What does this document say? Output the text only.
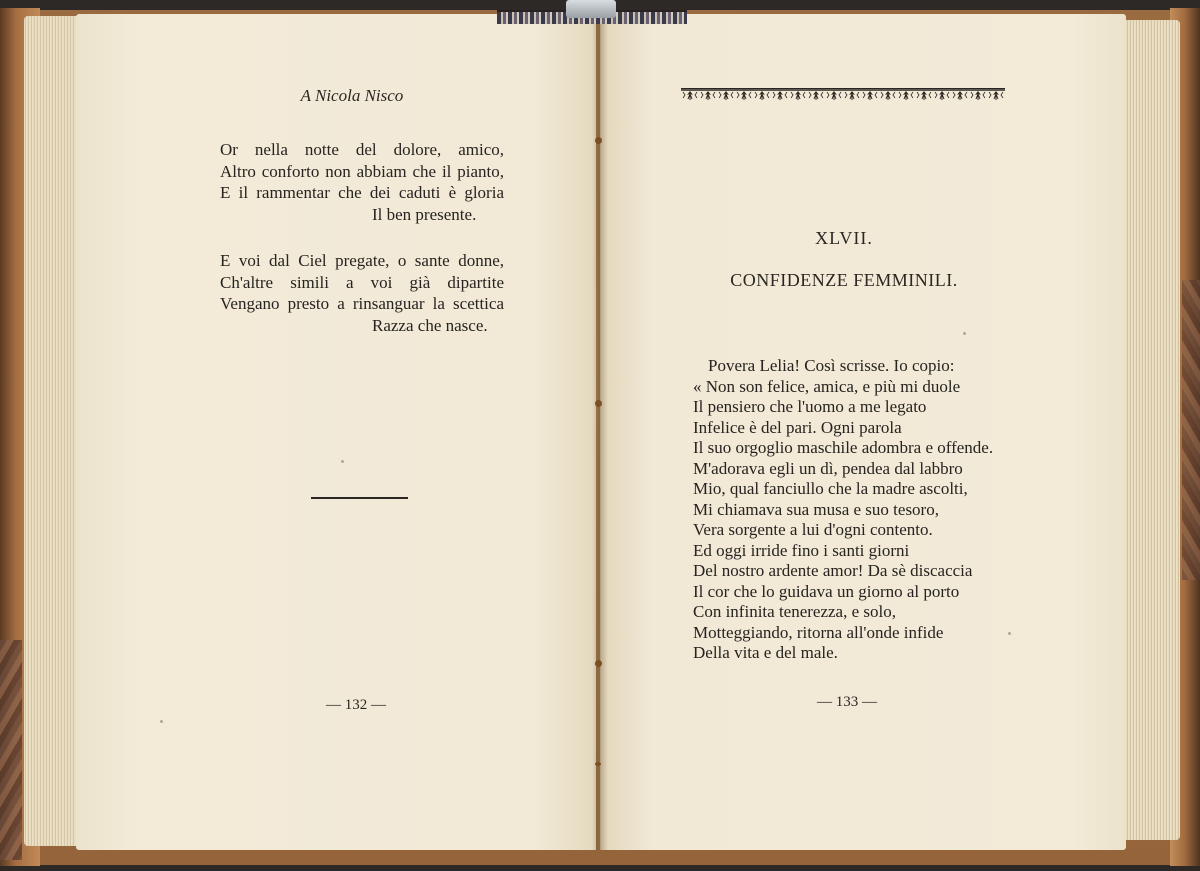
A Nicola Nisco
Or nella notte del dolore, amico,
Altro conforto non abbiam che il pianto,
E il rammentar che dei caduti è gloria
Il ben presente.
E voi dal Ciel pregate, o sante donne,
Ch'altre simili a voi già dipartite
Vengano presto a rinsanguar la scettica
Razza che nasce.
— 132 —
XLVII.
CONFIDENZE FEMMINILI.
Povera Lelia! Così scrisse. Io copio:
« Non son felice, amica, e più mi duole
Il pensiero che l'uomo a me legato
Infelice è del pari. Ogni parola
Il suo orgoglio maschile adombra e offende.
M'adorava egli un dì, pendea dal labbro
Mio, qual fanciullo che la madre ascolti,
Mi chiamava sua musa e suo tesoro,
Vera sorgente a lui d'ogni contento.
Ed oggi irride fino i santi giorni
Del nostro ardente amor! Da sè discaccia
Il cor che lo guidava un giorno al porto
Con infinita tenerezza, e solo,
Motteggiando, ritorna all'onde infide
Della vita e del male.
— 133 —
